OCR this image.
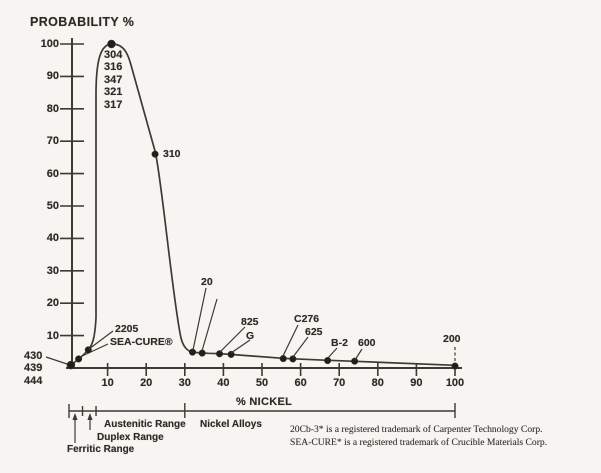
PROBABILITY %
% NICKEL
20Cb-3* is a registered trademark of Carpenter Technology Corp.
SEA-CURE* is a registered trademark of Crucible Materials Corp.
10
20
30
40
50
60
70
80
90
100
10	20	30	40	50	60	70	80	90	100
430
439
444
SEA-CURE®
2205
304
316
347
321
317
310
20
825
G
C276
625
B-2 600	200
Ferritic Range
Duplex Range
Austenitic Range Nickel Alloys
